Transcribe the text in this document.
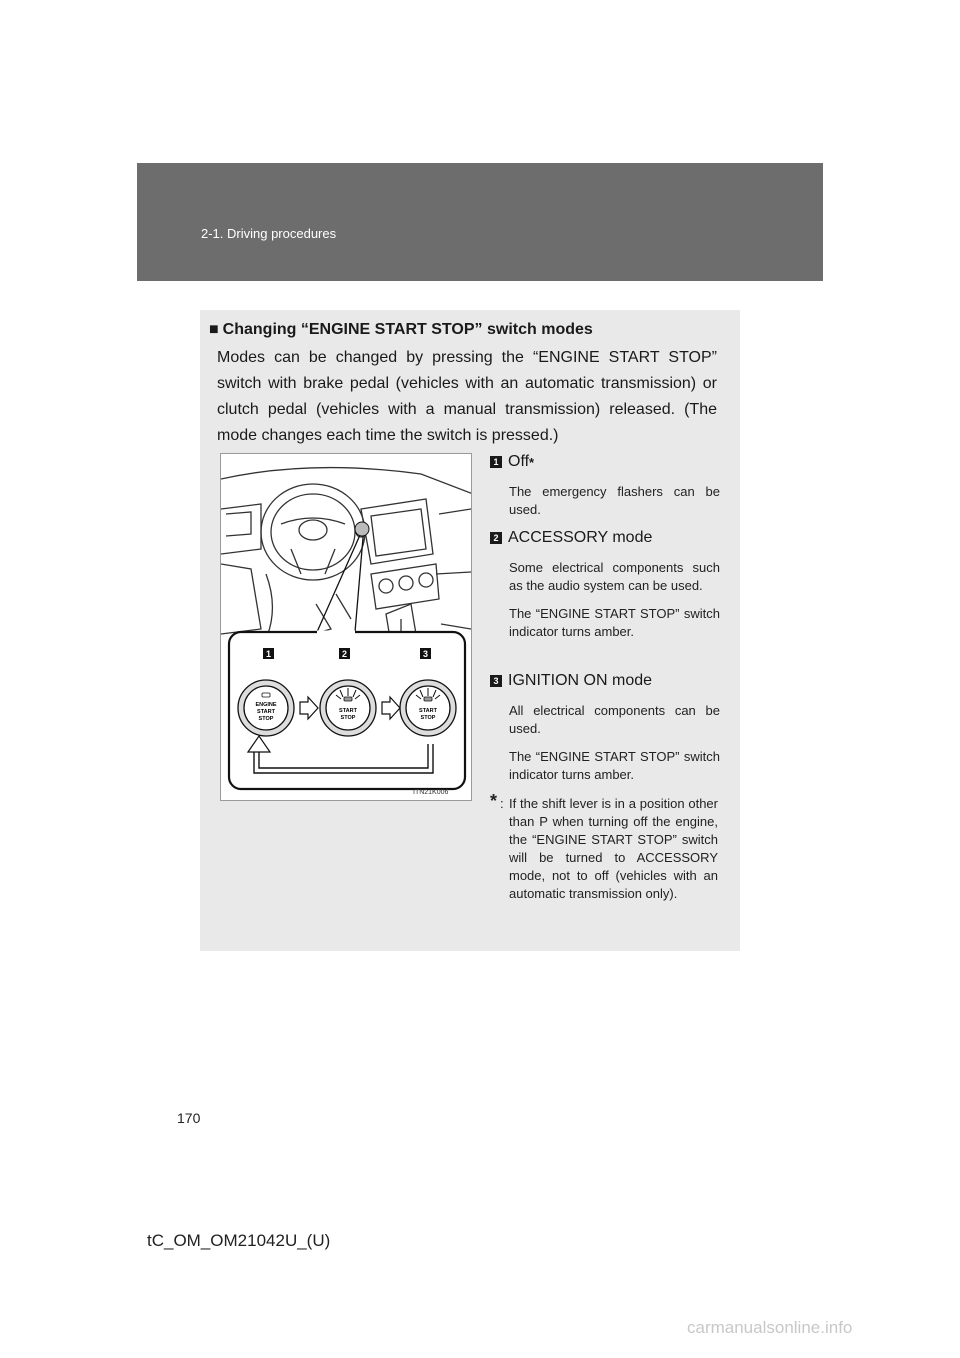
2-1. Driving procedures
■ Changing “ENGINE START STOP” switch modes
Modes can be changed by pressing the “ENGINE START STOP” switch with brake pedal (vehicles with an automatic transmission) or clutch pedal (vehicles with a manual transmission) released. (The mode changes each time the switch is pressed.)
1	2	3
ENGINE
START
STOP
START
STOP
START
STOP
ITN21K006
1 Off *
The emergency flashers can be used.
2 ACCESSORY mode
Some electrical components such as the audio system can be used.
The “ENGINE START STOP” switch indicator turns amber.
3 IGNITION ON mode
All electrical components can be used.
The “ENGINE START STOP” switch indicator turns amber.
* : If the shift lever is in a position other than P when turning off the engine, the “ENGINE START STOP” switch will be turned to ACCESSORY mode, not to off (vehicles with an automatic transmission only).
170
tC_OM_OM21042U_(U)
carmanualsonline.info
